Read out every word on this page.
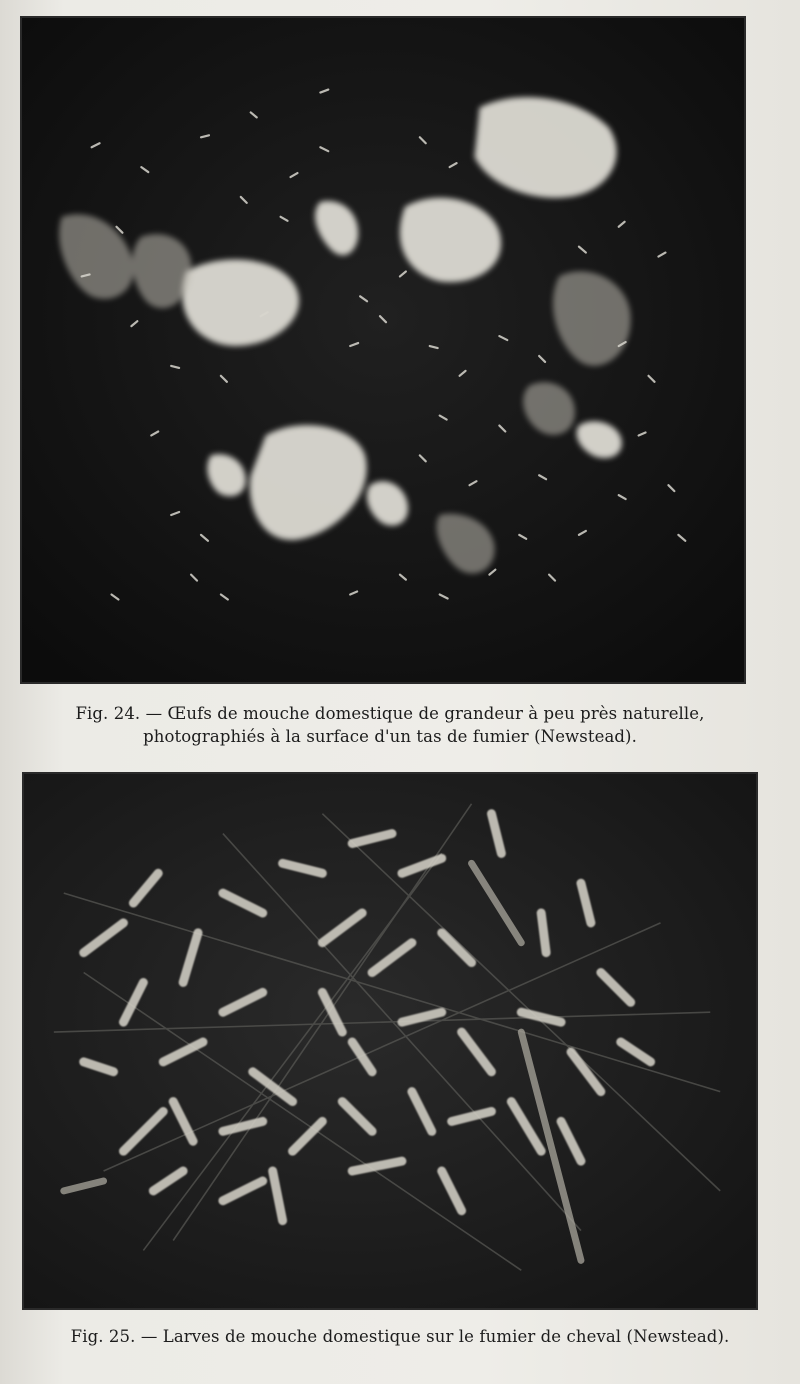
Fig. 24. — Œufs de mouche domestique de grandeur à peu près naturelle,
photographiés à la surface d'un tas de fumier (Newstead).
Fig. 25. — Larves de mouche domestique sur le fumier de cheval (Newstead).
